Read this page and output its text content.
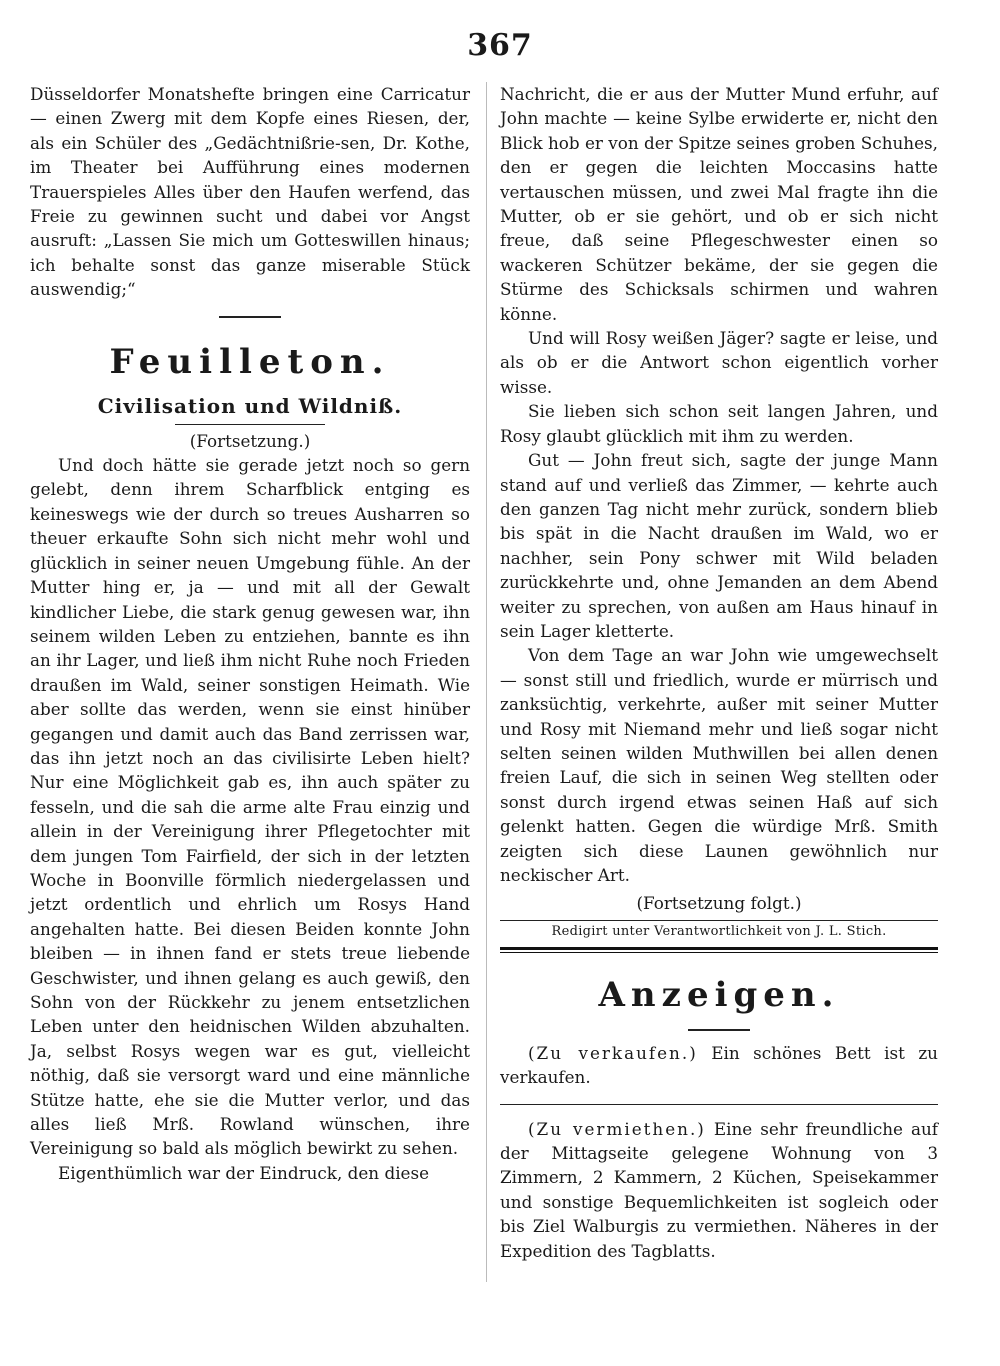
367

Düsseldorfer Monatshefte bringen eine Carricatur — einen Zwerg mit dem Kopfe eines Riesen, der, als ein Schüler des „Gedächtnißrie-sen, Dr. Kothe, im Theater bei Aufführung eines modernen Trauerspieles Alles über den Haufen werfend, das Freie zu gewinnen sucht und dabei vor Angst ausruft: „Lassen Sie mich um Gotteswillen hinaus; ich behalte sonst das ganze miserable Stück auswendig;“

Feuilleton.
Civilisation und Wildniß.
(Fortsetzung.)

Und doch hätte sie gerade jetzt noch so gern gelebt, denn ihrem Scharfblick entging es keineswegs wie der durch so treues Ausharren so theuer erkaufte Sohn sich nicht mehr wohl und glücklich in seiner neuen Umgebung fühle. An der Mutter hing er, ja — und mit all der Gewalt kindlicher Liebe, die stark genug gewesen war, ihn seinem wilden Leben zu entziehen, bannte es ihn an ihr Lager, und ließ ihm nicht Ruhe noch Frieden draußen im Wald, seiner sonstigen Heimath. Wie aber sollte das werden, wenn sie einst hinüber gegangen und damit auch das Band zerrissen war, das ihn jetzt noch an das civilisirte Leben hielt? Nur eine Möglichkeit gab es, ihn auch später zu fesseln, und die sah die arme alte Frau einzig und allein in der Vereinigung ihrer Pflegetochter mit dem jungen Tom Fairfield, der sich in der letzten Woche in Boonville förmlich niedergelassen und jetzt ordentlich und ehrlich um Rosys Hand angehalten hatte. Bei diesen Beiden konnte John bleiben — in ihnen fand er stets treue liebende Geschwister, und ihnen gelang es auch gewiß, den Sohn von der Rückkehr zu jenem entsetzlichen Leben unter den heidnischen Wilden abzuhalten. Ja, selbst Rosys wegen war es gut, vielleicht nöthig, daß sie versorgt ward und eine männliche Stütze hatte, ehe sie die Mutter verlor, und das alles ließ Mrß. Rowland wünschen, ihre Vereinigung so bald als möglich bewirkt zu sehen.

Eigenthümlich war der Eindruck, den diese

Nachricht, die er aus der Mutter Mund erfuhr, auf John machte — keine Sylbe erwiderte er, nicht den Blick hob er von der Spitze seines groben Schuhes, den er gegen die leichten Moccasins hatte vertauschen müssen, und zwei Mal fragte ihn die Mutter, ob er sie gehört, und ob er sich nicht freue, daß seine Pflegeschwester einen so wackeren Schützer bekäme, der sie gegen die Stürme des Schicksals schirmen und wahren könne.

Und will Rosy weißen Jäger? sagte er leise, und als ob er die Antwort schon eigentlich vorher wisse.

Sie lieben sich schon seit langen Jahren, und Rosy glaubt glücklich mit ihm zu werden.

Gut — John freut sich, sagte der junge Mann stand auf und verließ das Zimmer, — kehrte auch den ganzen Tag nicht mehr zurück, sondern blieb bis spät in die Nacht draußen im Wald, wo er nachher, sein Pony schwer mit Wild beladen zurückkehrte und, ohne Jemanden an dem Abend weiter zu sprechen, von außen am Haus hinauf in sein Lager kletterte.

Von dem Tage an war John wie umgewechselt — sonst still und friedlich, wurde er mürrisch und zanksüchtig, verkehrte, außer mit seiner Mutter und Rosy mit Niemand mehr und ließ sogar nicht selten seinen wilden Muthwillen bei allen denen freien Lauf, die sich in seinen Weg stellten oder sonst durch irgend etwas seinen Haß auf sich gelenkt hatten. Gegen die würdige Mrß. Smith zeigten sich diese Launen gewöhnlich nur neckischer Art.

(Fortsetzung folgt.)
Redigirt unter Verantwortlichkeit von J. L. Stich.
Anzeigen.

(Zu verkaufen.) Ein schönes Bett ist zu verkaufen.

(Zu vermiethen.) Eine sehr freundliche auf der Mittagseite gelegene Wohnung von 3 Zimmern, 2 Kammern, 2 Küchen, Speisekammer und sonstige Bequemlichkeiten ist sogleich oder bis Ziel Walburgis zu vermiethen. Näheres in der Expedition des Tagblatts.
